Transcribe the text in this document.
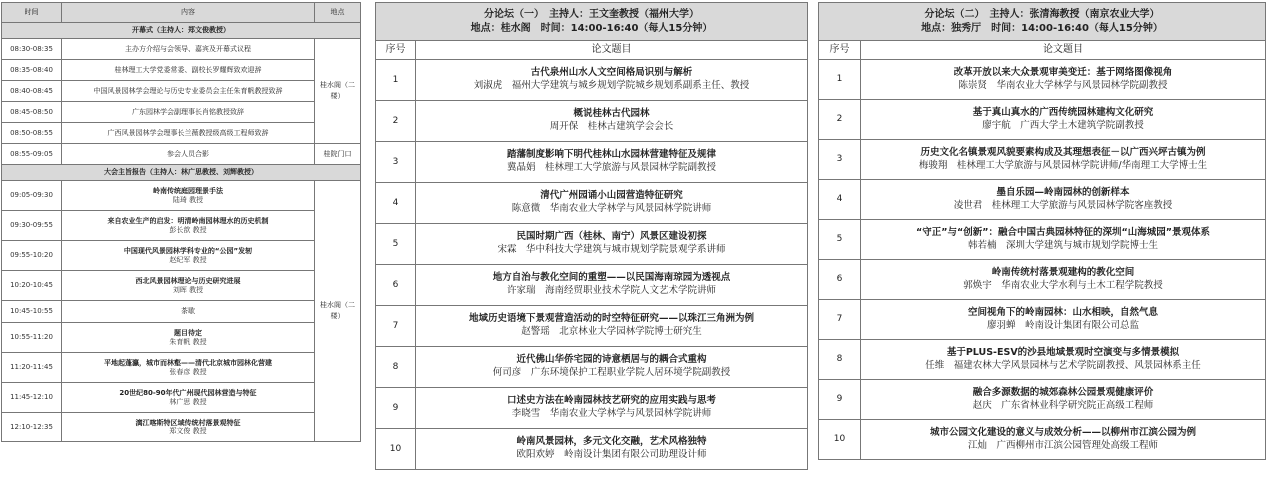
时间	内容	地点
开幕式（主持人：郑文俊教授）		
08:30-08:35	主办方介绍与会领导、嘉宾及开幕式议程	桂水阁（二楼）
08:35-08:40	桂林理工大学党委常委、副校长罗耀辉致欢迎辞	
08:40-08:45	中国风景园林学会理论与历史专业委员会主任朱育帆教授致辞	
08:45-08:50	广东园林学会副理事长肖铭教授致辞	
08:50-08:55	广西风景园林学会理事长兰薇教授级高级工程师致辞	
08:55-09:05	参会人员合影	桂院门口
大会主旨报告（主持人：林广思教授、刘辉教授）		
09:05-09:30	岭南传统庭园理景手法
陆琦 教授	桂水阁（二楼）
09:30-09:55	来自农业生产的启发：明清岭南园林理水的历史机制
彭长歆 教授	

09:55-10:20	中国现代风景园林学科专业的“公园”发轫
赵纪军 教授	

10:20-10:45	西北风景园林理论与历史研究进展
刘晖 教授	

10:45-10:55	茶歇	
10:55-11:20	题目待定
朱育帆 教授	

11:20-11:45	平地起蓬瀛，城市而林壑——清代北京城市园林化营建
张春彦 教授	

11:45-12:10	20世纪80-90年代广州现代园林营造与特征
林广思 教授	

12:10-12:35	漓江喀斯特区域传统村落景观特征
郑文俊 教授	
分论坛（一）　主持人：王文奎教授（福州大学）
地点：桂水阁　时间：14:00-16:40（每人15分钟）	

序号	论文题目
1	古代泉州山水人文空间格局识别与解析
刘淑虎　福州大学建筑与城乡规划学院城乡规划系副系主任、教授

2	概说桂林古代园林
周开保　桂林古建筑学会会长

3	踏藩制度影响下明代桂林山水园林营建特征及规律
冀晶娟　桂林理工大学旅游与风景园林学院副教授

4	清代广州园诵小山园营造特征研究
陈意微　华南农业大学林学与风景园林学院讲师

5	民国时期广西（桂林、南宁）风景区建设初探
宋霖　华中科技大学建筑与城市规划学院景观学系讲师

6	地方自治与教化空间的重塑——以民国海南琼园为透视点
许家瑞　海南经贸职业技术学院人文艺术学院讲师

7	地域历史语境下景观营造活动的时空特征研究——以珠江三角洲为例
赵警瑶　北京林业大学园林学院博士研究生

8	近代佛山华侨宅园的诗意栖居与的耦合式重构
何司彦　广东环境保护工程职业学院人居环境学院副教授

9	口述史方法在岭南园林技艺研究的应用实践与思考
李晓雪　华南农业大学林学与风景园林学院讲师

10	岭南风景园林，多元文化交融，艺术风格独特
欧阳欢婷　岭南设计集团有限公司助理设计师
分论坛（二）　主持人：张清海教授（南京农业大学）
地点：独秀厅　时间：14:00-16:40（每人15分钟）	

序号	论文题目
1	改革开放以来大众景观审美变迁：基于网络图像视角
陈崇贤　华南农业大学林学与风景园林学院副教授

2	基于真山真水的广西传统园林建构文化研究
廖宇航　广西大学土木建筑学院副教授

3	历史文化名镇景观风貌要素构成及其理想表征－以广西兴坪古镇为例
梅骏翔　桂林理工大学旅游与风景园林学院讲师/华南理工大学博士生

4	墨自乐园—岭南园林的创新样本
凌世君　桂林理工大学旅游与风景园林学院客座教授

5	“守正”与“创新”：融合中国古典园林特征的深圳“山海城园”景观体系
韩若楠　深圳大学建筑与城市规划学院博士生

6	岭南传统村落景观建构的教化空间
郭焕宇　华南农业大学水利与土木工程学院教授

7	空间视角下的岭南园林：山水相映，自然气息
廖羽蝉　岭南设计集团有限公司总监

8	基于PLUS-ESV的沙县地域景观时空演变与多情景模拟
任维　福建农林大学风景园林与艺术学院副教授、风景园林系主任

9	融合多源数据的城郊森林公园景观健康评价
赵庆　广东省林业科学研究院正高级工程师

10	城市公园文化建设的意义与成效分析——以柳州市江滨公园为例
江灿　广西柳州市江滨公园管理处高级工程师
